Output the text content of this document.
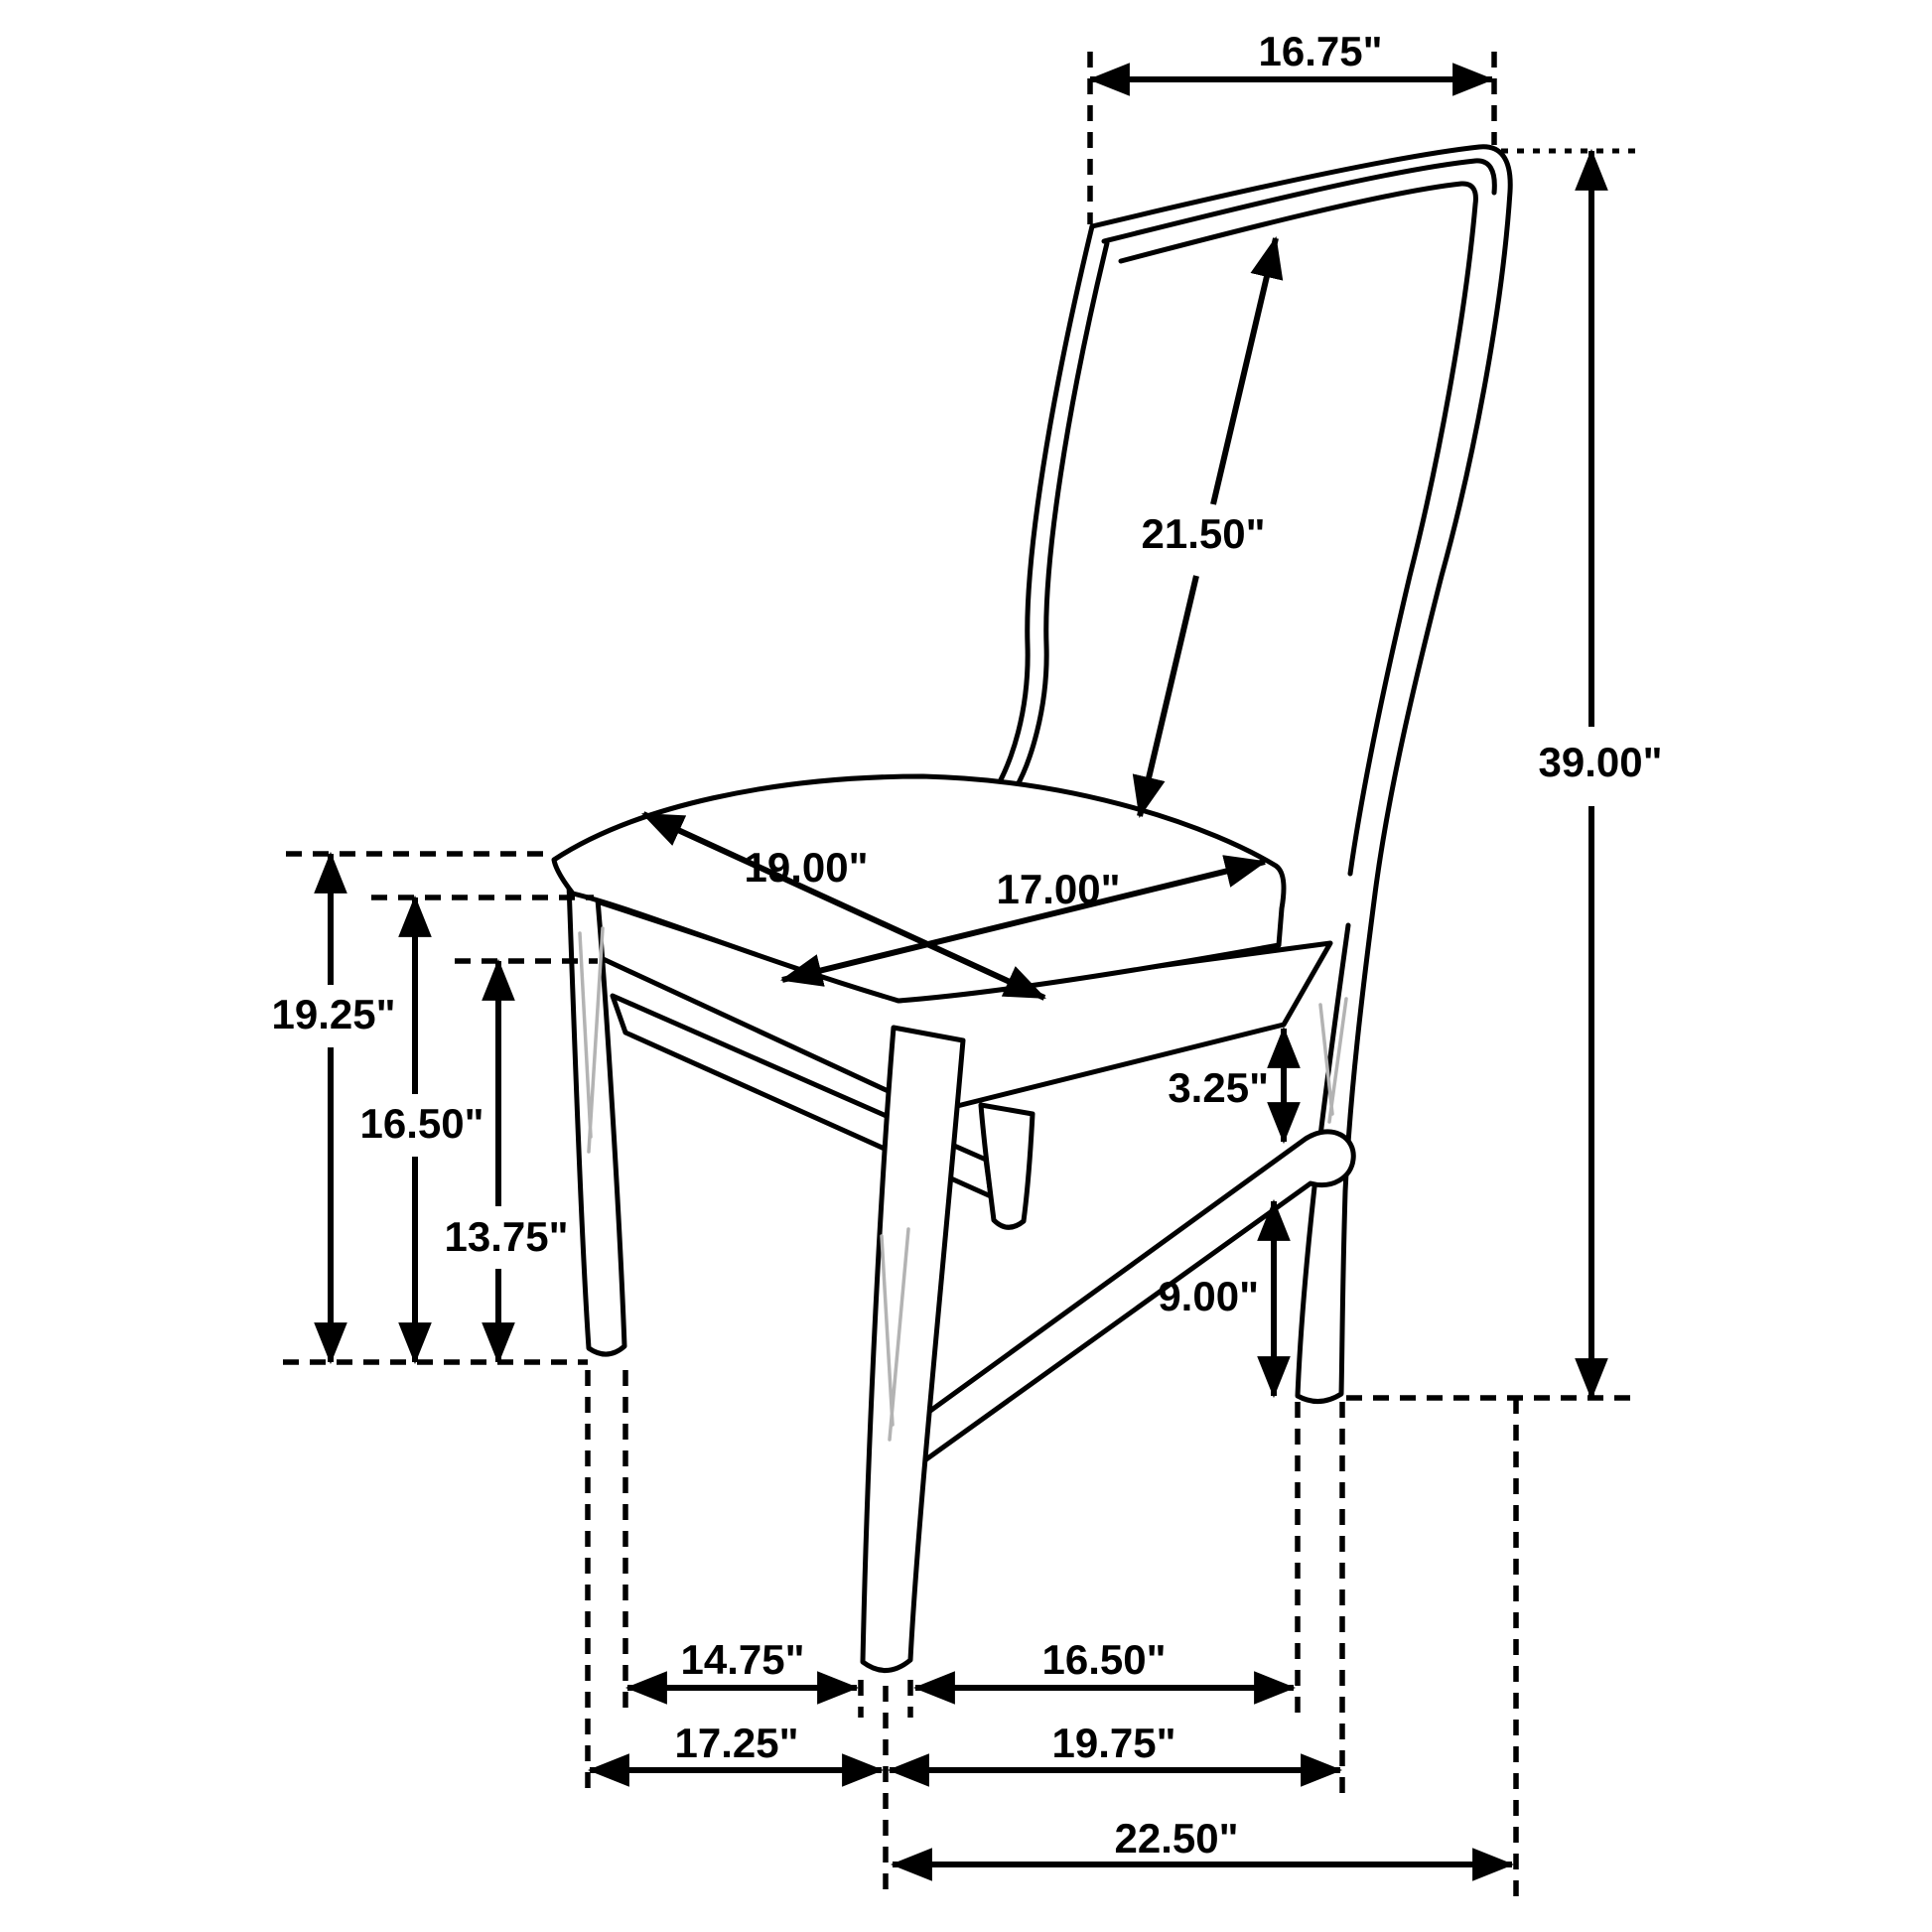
16.75"
21.50"
39.00"
19.00"	17.00"
19.25"
16.50"
13.75"
3.25"
9.00"
14.75"	16.50"
17.25"	19.75"
22.50"
